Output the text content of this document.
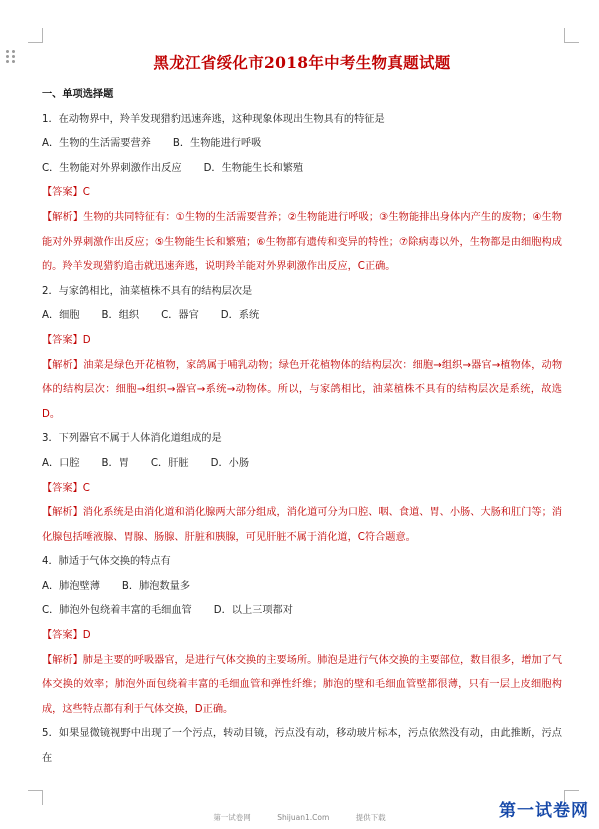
黑龙江省绥化市2018年中考生物真题试题
一、单项选择题
1．在动物界中，羚羊发现猎豹迅速奔逃，这种现象体现出生物具有的特征是
A．生物的生活需要营养 B．生物能进行呼吸
C．生物能对外界刺激作出反应 D．生物能生长和繁殖
【答案】C
【解析】生物的共同特征有：①生物的生活需要营养；②生物能进行呼吸；③生物能排出身体内产生的废物；④生物能对外界刺激作出反应；⑤生物能生长和繁殖；⑥生物都有遗传和变异的特性；⑦除病毒以外，生物都是由细胞构成的。羚羊发现猎豹追击就迅速奔逃，说明羚羊能对外界刺激作出反应，C正确。
2．与家鸽相比，油菜植株不具有的结构层次是
A．细胞 B．组织 C．器官 D．系统
【答案】D
【解析】油菜是绿色开花植物，家鸽属于哺乳动物；绿色开花植物体的结构层次：细胞→组织→器官→植物体，动物体的结构层次：细胞→组织→器官→系统→动物体。所以，与家鸽相比，油菜植株不具有的结构层次是系统，故选D。
3．下列器官不属于人体消化道组成的是
A．口腔 B．胃 C．肝脏 D．小肠
【答案】C
【解析】消化系统是由消化道和消化腺两大部分组成，消化道可分为口腔、咽、食道、胃、小肠、大肠和肛门等；消化腺包括唾液腺、胃腺、肠腺、肝脏和胰腺，可见肝脏不属于消化道，C符合题意。
4．肺适于气体交换的特点有
A．肺泡壁薄 B．肺泡数量多
C．肺泡外包绕着丰富的毛细血管 D．以上三项都对
【答案】D
【解析】肺是主要的呼吸器官，是进行气体交换的主要场所。肺泡是进行气体交换的主要部位，数目很多，增加了气体交换的效率；肺泡外面包绕着丰富的毛细血管和弹性纤维；肺泡的壁和毛细血管壁都很薄，只有一层上皮细胞构成，这些特点都有利于气体交换，D正确。
5．如果显微镜视野中出现了一个污点，转动目镜，污点没有动，移动玻片标本，污点依然没有动，由此推断，污点在
第一试卷网	Shijuan1.Com	提供下载	第一试卷网
